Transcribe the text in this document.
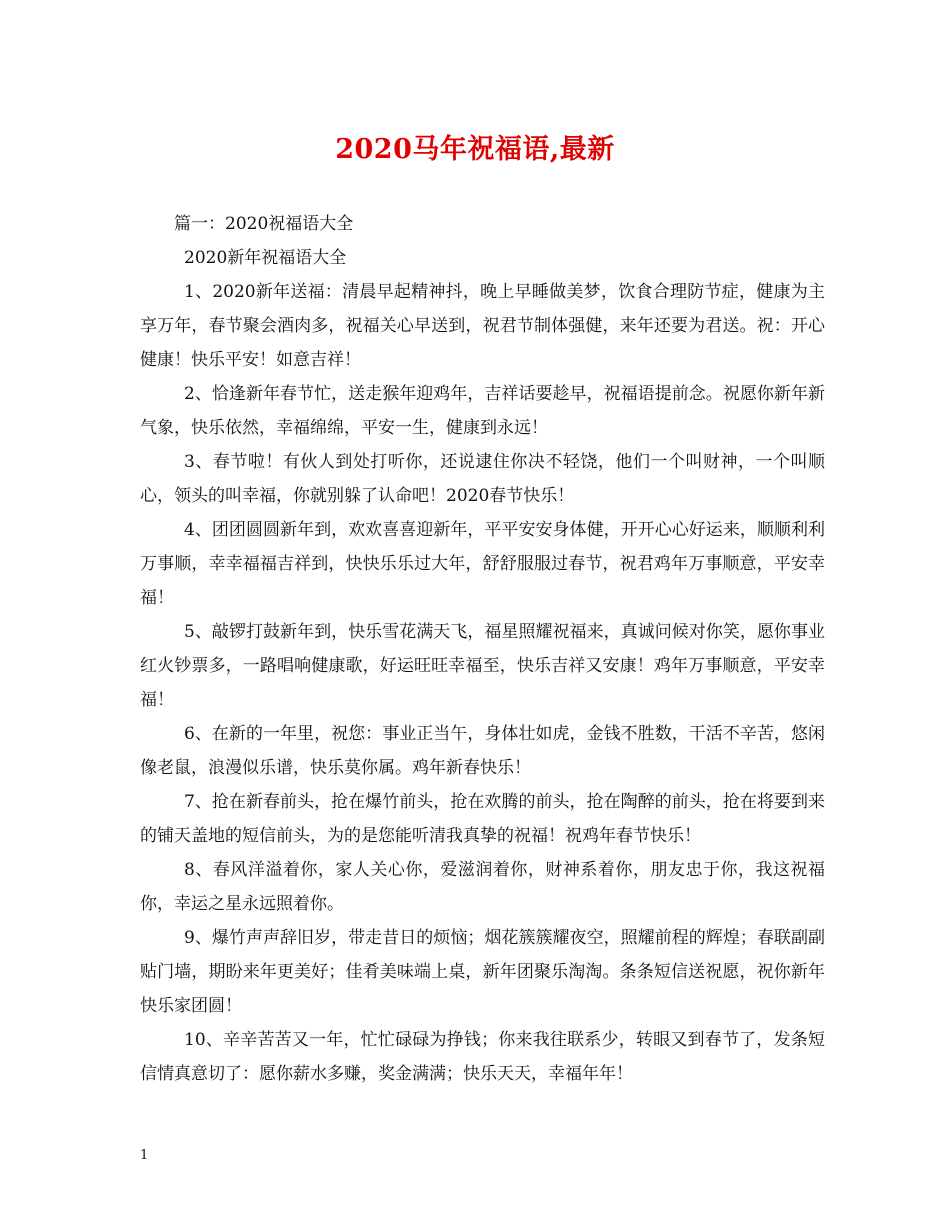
2020马年祝福语,最新

篇一：2020祝福语大全

2020新年祝福语大全

1、2020新年送福：清晨早起精神抖，晚上早睡做美梦，饮食合理防节症，健康为主享万年，春节聚会酒肉多，祝福关心早送到，祝君节制体强健，来年还要为君送。祝：开心健康！快乐平安！如意吉祥！

2、恰逢新年春节忙，送走猴年迎鸡年，吉祥话要趁早，祝福语提前念。祝愿你新年新气象，快乐依然，幸福绵绵，平安一生，健康到永远！

3、春节啦！有伙人到处打听你，还说逮住你决不轻饶，他们一个叫财神，一个叫顺心，领头的叫幸福，你就别躲了认命吧！2020春节快乐！

4、团团圆圆新年到，欢欢喜喜迎新年，平平安安身体健，开开心心好运来，顺顺利利万事顺，幸幸福福吉祥到，快快乐乐过大年，舒舒服服过春节，祝君鸡年万事顺意，平安幸福！

5、敲锣打鼓新年到，快乐雪花满天飞，福星照耀祝福来，真诚问候对你笑，愿你事业红火钞票多，一路唱响健康歌，好运旺旺幸福至，快乐吉祥又安康！鸡年万事顺意，平安幸福！

6、在新的一年里，祝您：事业正当午，身体壮如虎，金钱不胜数，干活不辛苦，悠闲像老鼠，浪漫似乐谱，快乐莫你属。鸡年新春快乐！

7、抢在新春前头，抢在爆竹前头，抢在欢腾的前头，抢在陶醉的前头，抢在将要到来的铺天盖地的短信前头，为的是您能听清我真挚的祝福！祝鸡年春节快乐！

8、春风洋溢着你，家人关心你，爱滋润着你，财神系着你，朋友忠于你，我这祝福你，幸运之星永远照着你。

9、爆竹声声辞旧岁，带走昔日的烦恼；烟花簇簇耀夜空，照耀前程的辉煌；春联副副贴门墙，期盼来年更美好；佳肴美味端上桌，新年团聚乐淘淘。条条短信送祝愿，祝你新年快乐家团圆！

10、辛辛苦苦又一年，忙忙碌碌为挣钱；你来我往联系少，转眼又到春节了，发条短信情真意切了：愿你薪水多赚，奖金满满；快乐天天，幸福年年！

1
